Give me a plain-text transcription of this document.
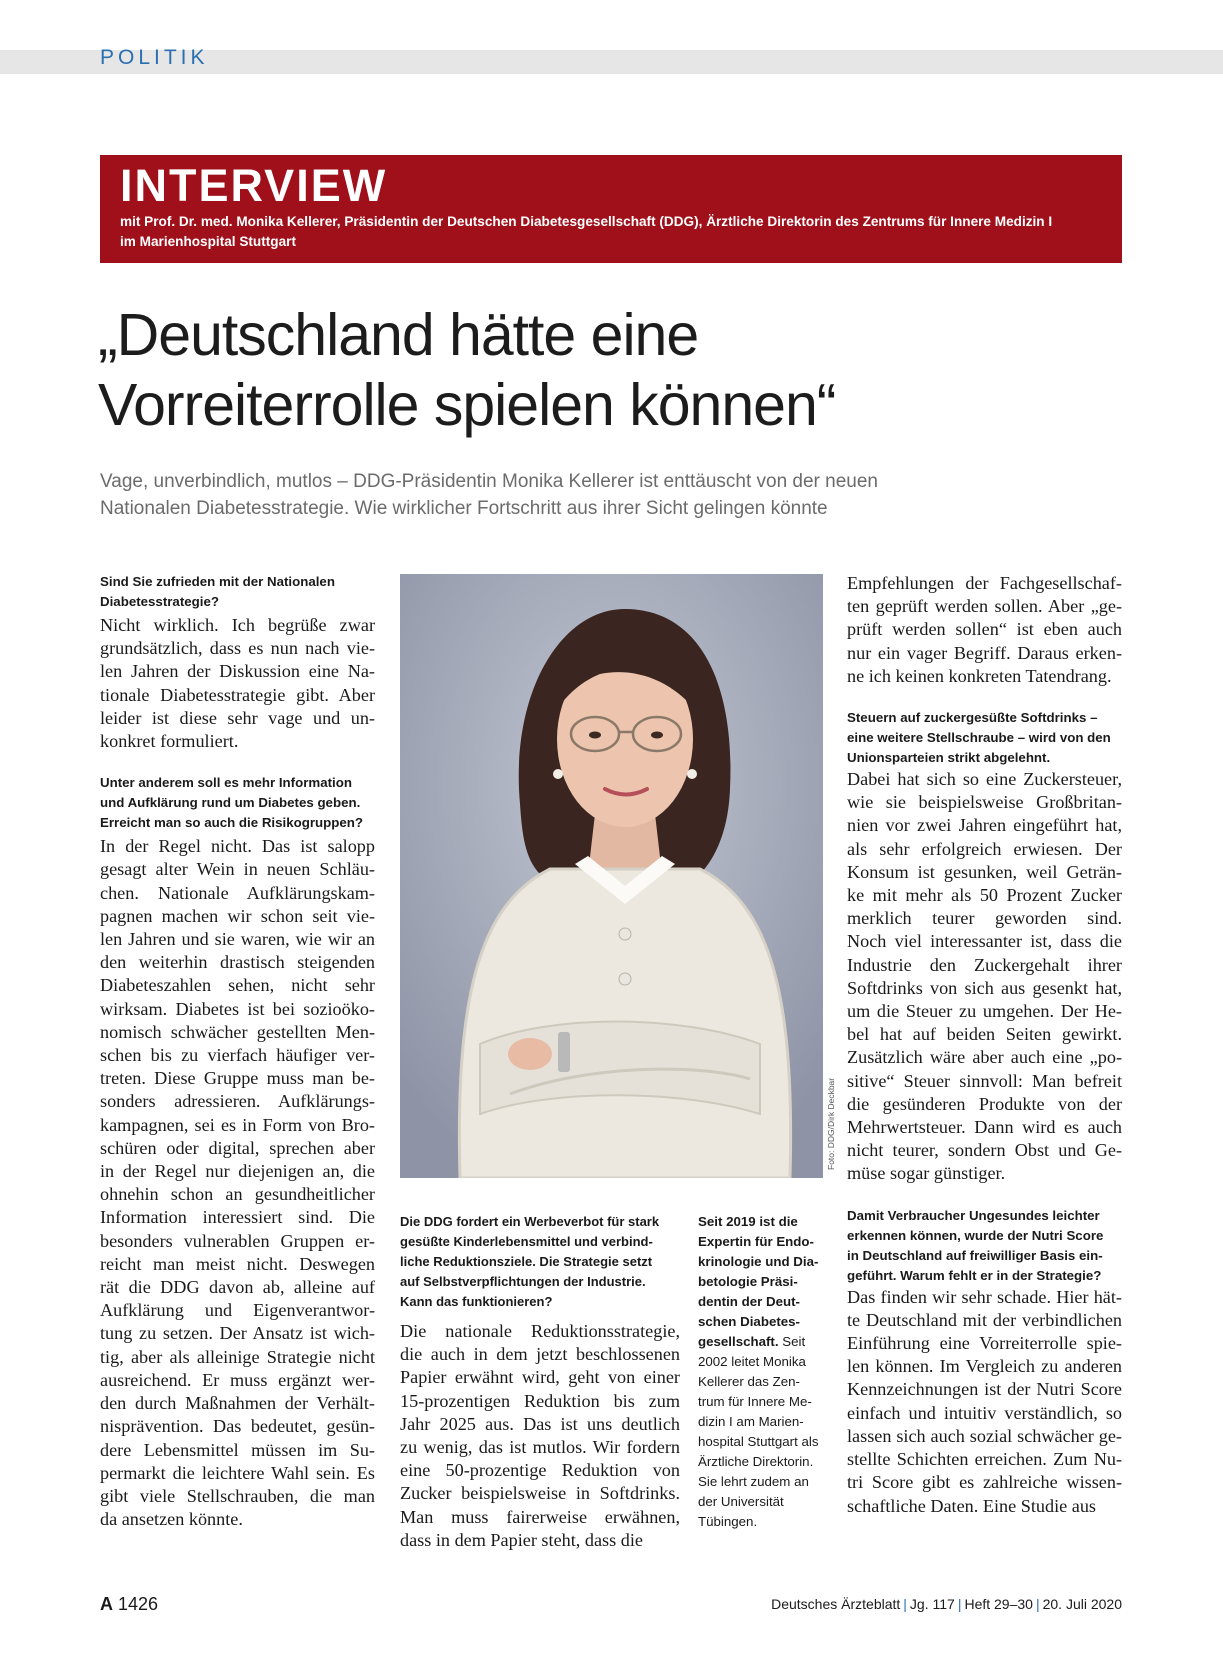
POLITIK
INTERVIEW
mit Prof. Dr. med. Monika Kellerer, Präsidentin der Deutschen Diabetesgesellschaft (DDG), Ärztliche Direktorin des Zentrums für Innere Medizin I
im Marienhospital Stuttgart
„Deutschland hätte eine
Vorreiterrolle spielen können“
Vage, unverbindlich, mutlos – DDG-Präsidentin Monika Kellerer ist enttäuscht von der neuen
Nationalen Diabetesstrategie. Wie wirklicher Fortschritt aus ihrer Sicht gelingen könnte
Sind Sie zufrieden mit der Nationalen
Diabetesstrategie?
Nicht wirklich. Ich begrüße zwar
grundsätzlich, dass es nun nach vie-
len Jahren der Diskussion eine Na-
tionale Diabetesstrategie gibt. Aber
leider ist diese sehr vage und un-
konkret formuliert.
Unter anderem soll es mehr Information
und Aufklärung rund um Diabetes geben.
Erreicht man so auch die Risikogruppen?
In der Regel nicht. Das ist salopp
gesagt alter Wein in neuen Schläu-
chen. Nationale Aufklärungskam-
pagnen machen wir schon seit vie-
len Jahren und sie waren, wie wir an
den weiterhin drastisch steigenden
Diabeteszahlen sehen, nicht sehr
wirksam. Diabetes ist bei sozioöko-
nomisch schwächer gestellten Men-
schen bis zu vierfach häufiger ver-
treten. Diese Gruppe muss man be-
sonders adressieren. Aufklärungs-
kampagnen, sei es in Form von Bro-
schüren oder digital, sprechen aber
in der Regel nur diejenigen an, die
ohnehin schon an gesundheitlicher
Information interessiert sind. Die
besonders vulnerablen Gruppen er-
reicht man meist nicht. Deswegen
rät die DDG davon ab, alleine auf
Aufklärung und Eigenverantwor-
tung zu setzen. Der Ansatz ist wich-
tig, aber als alleinige Strategie nicht
ausreichend. Er muss ergänzt wer-
den durch Maßnahmen der Verhält-
nisprävention. Das bedeutet, gesün-
dere Lebensmittel müssen im Su-
permarkt die leichtere Wahl sein. Es
gibt viele Stellschrauben, die man
da ansetzen könnte.
Foto: DDG/Dirk Deckbar
Die DDG fordert ein Werbeverbot für stark
gesüßte Kinderlebensmittel und verbind-
liche Reduktionsziele. Die Strategie setzt
auf Selbstverpflichtungen der Industrie.
Kann das funktionieren?
Die nationale Reduktionsstrategie,
die auch in dem jetzt beschlossenen
Papier erwähnt wird, geht von einer
15-prozentigen Reduktion bis zum
Jahr 2025 aus. Das ist uns deutlich
zu wenig, das ist mutlos. Wir fordern
eine 50-prozentige Reduktion von
Zucker beispielsweise in Softdrinks.
Man muss fairerweise erwähnen,
dass in dem Papier steht, dass die
Seit 2019 ist die
Expertin für Endo-
krinologie und Dia-
betologie Präsi-
dentin der Deut-
schen Diabetes-
gesellschaft. Seit
2002 leitet Monika
Kellerer das Zen-
trum für Innere Me-
dizin I am Marien-
hospital Stuttgart als
Ärztliche Direktorin.
Sie lehrt zudem an
der Universität
Tübingen.
Empfehlungen der Fachgesellschaf-
ten geprüft werden sollen. Aber „ge-
prüft werden sollen“ ist eben auch
nur ein vager Begriff. Daraus erken-
ne ich keinen konkreten Tatendrang.
Steuern auf zuckergesüßte Softdrinks –
eine weitere Stellschraube – wird von den
Unionsparteien strikt abgelehnt.
Dabei hat sich so eine Zuckersteuer,
wie sie beispielsweise Großbritan-
nien vor zwei Jahren eingeführt hat,
als sehr erfolgreich erwiesen. Der
Konsum ist gesunken, weil Geträn-
ke mit mehr als 50 Prozent Zucker
merklich teurer geworden sind.
Noch viel interessanter ist, dass die
Industrie den Zuckergehalt ihrer
Softdrinks von sich aus gesenkt hat,
um die Steuer zu umgehen. Der He-
bel hat auf beiden Seiten gewirkt.
Zusätzlich wäre aber auch eine „po-
sitive“ Steuer sinnvoll: Man befreit
die gesünderen Produkte von der
Mehrwertsteuer. Dann wird es auch
nicht teurer, sondern Obst und Ge-
müse sogar günstiger.
Damit Verbraucher Ungesundes leichter
erkennen können, wurde der Nutri Score
in Deutschland auf freiwilliger Basis ein-
geführt. Warum fehlt er in der Strategie?
Das finden wir sehr schade. Hier hät-
te Deutschland mit der verbindlichen
Einführung eine Vorreiterrolle spie-
len können. Im Vergleich zu anderen
Kennzeichnungen ist der Nutri Score
einfach und intuitiv verständlich, so
lassen sich auch sozial schwächer ge-
stellte Schichten erreichen. Zum Nu-
tri Score gibt es zahlreiche wissen-
schaftliche Daten. Eine Studie aus
A 1426	Deutsches Ärzteblatt | Jg. 117 | Heft 29–30 | 20. Juli 2020
